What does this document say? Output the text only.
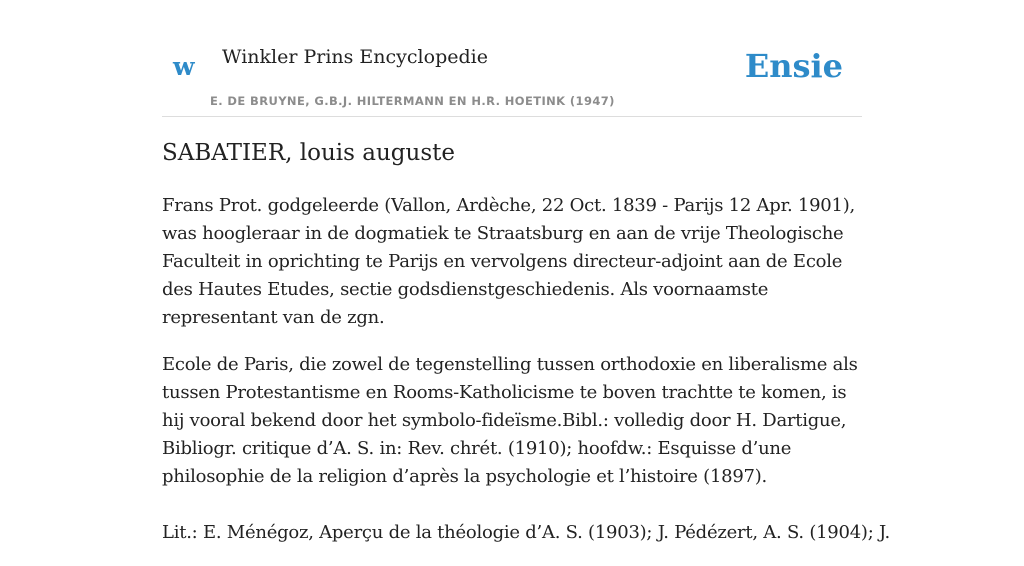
w Winkler Prins Encyclopedie
E. DE BRUYNE, G.B.J. HILTERMANN EN H.R. HOETINK (1947)
Ensie
SABATIER, louis auguste

Frans Prot. godgeleerde (Vallon, Ardèche, 22 Oct. 1839 - Parijs 12 Apr. 1901), was hoogleraar in de dogmatiek te Straatsburg en aan de vrije Theologische Faculteit in oprichting te Parijs en vervolgens directeur-adjoint aan de Ecole des Hautes Etudes, sectie godsdienstgeschiedenis. Als voornaamste representant van de zgn.

Ecole de Paris, die zowel de tegenstelling tussen orthodoxie en liberalisme als tussen Protestantisme en Rooms-Katholicisme te boven trachtte te komen, is hij vooral bekend door het symbolo-fideïsme.Bibl.: volledig door H. Dartigue, Bibliogr. critique d’A. S. in: Rev. chrét. (1910); hoofdw.: Esquisse d’une philosophie de la religion d’après la psychologie et l’histoire (1897).

Lit.: E. Ménégoz, Aperçu de la théologie d’A. S. (1903); J. Pédézert, A. S. (1904); J.
